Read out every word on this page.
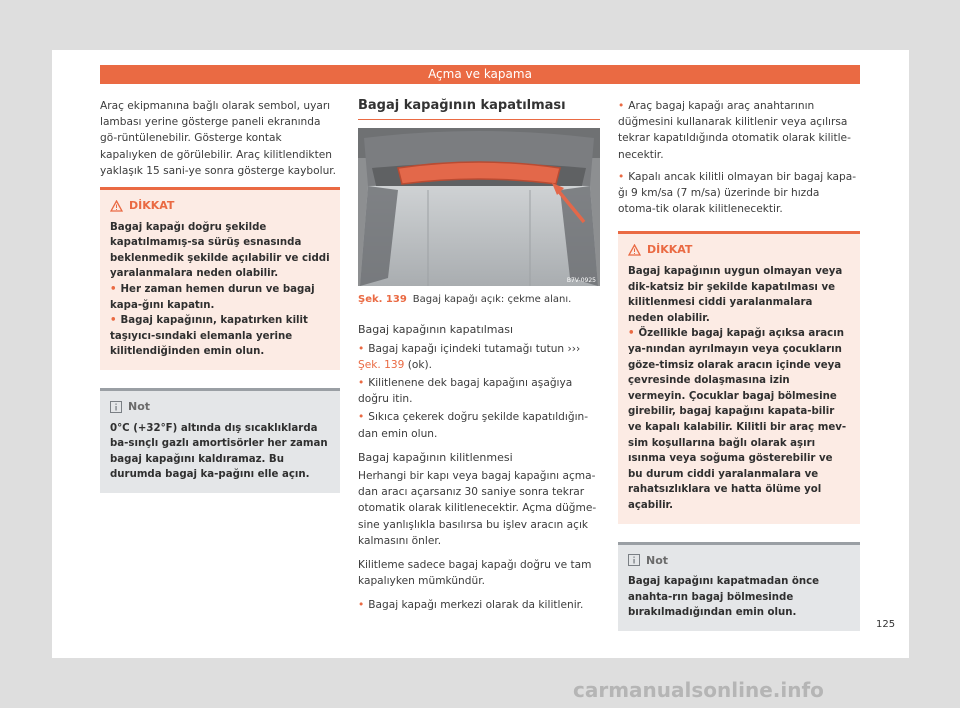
Açma ve kapama

Araç ekipmanına bağlı olarak sembol, uyarı lambası yerine gösterge paneli ekranında gö-rüntülenebilir. Gösterge kontak kapalıyken de görülebilir. Araç kilitlendikten yaklaşık 15 sani-ye sonra gösterge kaybolur.

DİKKAT
Bagaj kapağı doğru şekilde kapatılmamış-sa sürüş esnasında beklenmedik şekilde açılabilir ve ciddi yaralanmalara neden olabilir.
• Her zaman hemen durun ve bagaj kapa-ğını kapatın.
• Bagaj kapağının, kapatırken kilit taşıyıcı-sındaki elemanla yerine kilitlendiğinden emin olun.
Not
0°C (+32°F) altında dış sıcaklıklarda ba-sınçlı gazlı amortisörler her zaman bagaj kapağını kaldıramaz. Bu durumda bagaj ka-pağını elle açın.
Bagaj kapağının kapatılması
B7V-0925
Şek. 139 Bagaj kapağı açık: çekme alanı.
Bagaj kapağının kapatılması
• Bagaj kapağı içindeki tutamağı tutun ››› Şek. 139 (ok).
• Kilitlenene dek bagaj kapağını aşağıya doğru itin.
• Sıkıca çekerek doğru şekilde kapatıldığın-dan emin olun.
Bagaj kapağının kilitlenmesi

Herhangi bir kapı veya bagaj kapağını açma-dan aracı açarsanız 30 saniye sonra tekrar otomatik olarak kilitlenecektir. Açma düğme-sine yanlışlıkla basılırsa bu işlev aracın açık kalmasını önler.

Kilitleme sadece bagaj kapağı doğru ve tam kapalıyken mümkündür.

• Bagaj kapağı merkezi olarak da kilitlenir.
• Araç bagaj kapağı araç anahtarının düğmesini kullanarak kilitlenir veya açılırsa tekrar kapatıldığında otomatik olarak kilitle-necektir.
• Kapalı ancak kilitli olmayan bir bagaj kapa-ğı 9 km/sa (7 m/sa) üzerinde bir hızda otoma-tik olarak kilitlenecektir.
DİKKAT
Bagaj kapağının uygun olmayan veya dik-katsiz bir şekilde kapatılması ve kilitlenmesi ciddi yaralanmalara neden olabilir.
• Özellikle bagaj kapağı açıksa aracın ya-nından ayrılmayın veya çocukların göze-timsiz olarak aracın içinde veya çevresinde dolaşmasına izin vermeyin. Çocuklar bagaj bölmesine girebilir, bagaj kapağını kapata-bilir ve kapalı kalabilir. Kilitli bir araç mev-sim koşullarına bağlı olarak aşırı ısınma veya soğuma gösterebilir ve bu durum ciddi yaralanmalara ve rahatsızlıklara ve hatta ölüme yol açabilir.
Not
Bagaj kapağını kapatmadan önce anahta-rın bagaj bölmesinde bırakılmadığından emin olun.
125
carmanualsonline.info
